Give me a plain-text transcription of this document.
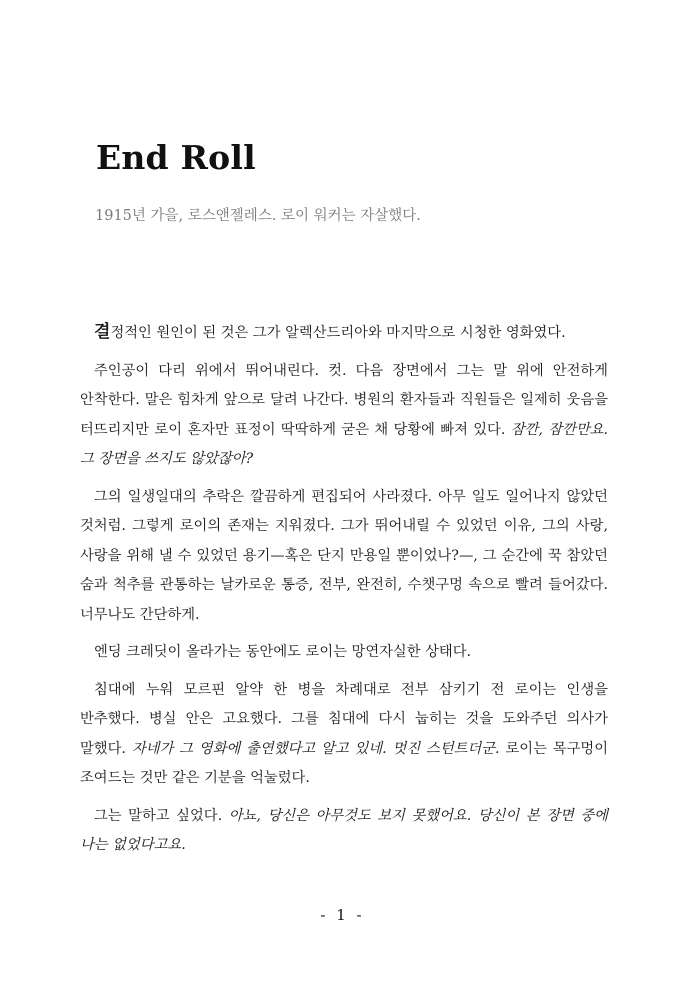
End Roll

1915년 가을, 로스앤젤레스. 로이 워커는 자살했다.

결정적인 원인이 된 것은 그가 알렉산드리아와 마지막으로 시청한 영화였다.

주인공이 다리 위에서 뛰어내린다. 컷. 다음 장면에서 그는 말 위에 안전하게 안착한다. 말은 힘차게 앞으로 달려 나간다. 병원의 환자들과 직원들은 일제히 웃음을 터뜨리지만 로이 혼자만 표정이 딱딱하게 굳은 채 당황에 빠져 있다. 잠깐, 잠깐만요. 그 장면을 쓰지도 않았잖아?

그의 일생일대의 추락은 깔끔하게 편집되어 사라졌다. 아무 일도 일어나지 않았던 것처럼. 그렇게 로이의 존재는 지워졌다. 그가 뛰어내릴 수 있었던 이유, 그의 사랑, 사랑을 위해 낼 수 있었던 용기—혹은 단지 만용일 뿐이었나?—, 그 순간에 꾹 참았던 숨과 척추를 관통하는 날카로운 통증, 전부, 완전히, 수챗구멍 속으로 빨려 들어갔다. 너무나도 간단하게.

엔딩 크레딧이 올라가는 동안에도 로이는 망연자실한 상태다.

침대에 누워 모르핀 알약 한 병을 차례대로 전부 삼키기 전 로이는 인생을 반추했다. 병실 안은 고요했다. 그를 침대에 다시 눕히는 것을 도와주던 의사가 말했다. 자네가 그 영화에 출연했다고 알고 있네. 멋진 스턴트더군. 로이는 목구멍이 조여드는 것만 같은 기분을 억눌렀다.

그는 말하고 싶었다. 아뇨, 당신은 아무것도 보지 못했어요. 당신이 본 장면 중에 나는 없었다고요.

- 1 -
